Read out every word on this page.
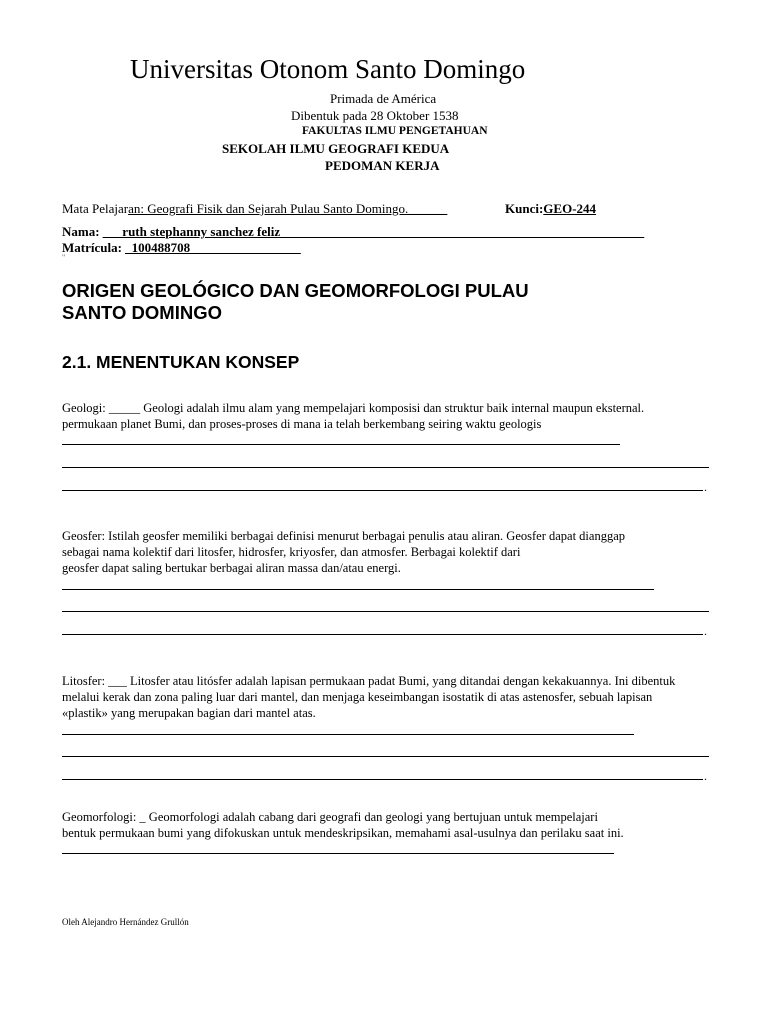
Universitas Otonom Santo Domingo
Primada de América
Dibentuk pada 28 Oktober 1538
FAKULTAS ILMU PENGETAHUAN
SEKOLAH ILMU GEOGRAFI KEDUA
PEDOMAN KERJA
Mata Pelajaran: Geografi Fisik dan Sejarah Pulau Santo Domingo.______	Kunci:GEO-244
Nama: ___ruth stephanny sanchez feliz________________________________________________________
Matrícula: _100488708_________________
"
ORIGEN GEOLÓGICO DAN GEOMORFOLOGI PULAU
SANTO DOMINGO
2.1. MENENTUKAN KONSEP
Geologi: _____ Geologi adalah ilmu alam yang mempelajari komposisi dan struktur baik internal maupun eksternal.
permukaan planet Bumi, dan proses-proses di mana ia telah berkembang seiring waktu geologis
.
Geosfer: Istilah geosfer memiliki berbagai definisi menurut berbagai penulis atau aliran. Geosfer dapat dianggap
sebagai nama kolektif dari litosfer, hidrosfer, kriyosfer, dan atmosfer. Berbagai kolektif dari
geosfer dapat saling bertukar berbagai aliran massa dan/atau energi.
.
Litosfer: ___ Litosfer atau litósfer adalah lapisan permukaan padat Bumi, yang ditandai dengan kekakuannya. Ini dibentuk
melalui kerak dan zona paling luar dari mantel, dan menjaga keseimbangan isostatik di atas astenosfer, sebuah lapisan
«plastik» yang merupakan bagian dari mantel atas.
.
Geomorfologi: _ Geomorfologi adalah cabang dari geografi dan geologi yang bertujuan untuk mempelajari
bentuk permukaan bumi yang difokuskan untuk mendeskripsikan, memahami asal-usulnya dan perilaku saat ini.
Oleh Alejandro Hernández Grullón
